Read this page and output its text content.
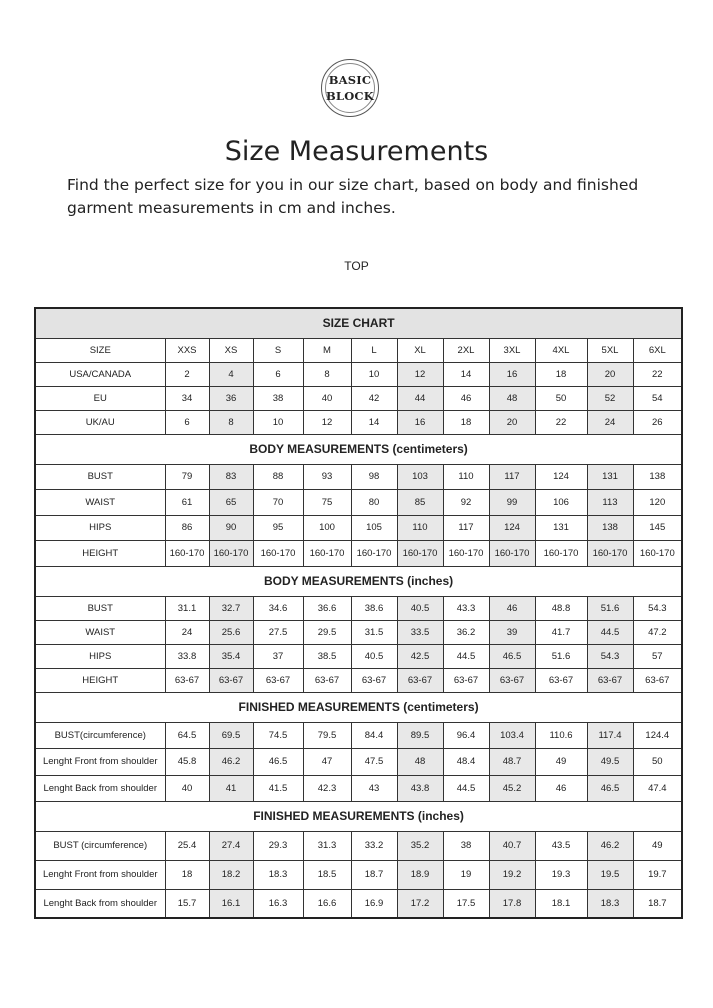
BASIC
BLOCK
Size Measurements
Find the perfect size for you in our size chart, based on body and finished garment measurements in cm and inches.
TOP
SIZE CHART											
SIZE	XXS	XS	S	M	L	XL	2XL	3XL	4XL	5XL	6XL
USA/CANADA	2	4	6	8	10	12	14	16	18	20	22
EU	34	36	38	40	42	44	46	48	50	52	54
UK/AU	6	8	10	12	14	16	18	20	22	24	26
BODY MEASUREMENTS (centimeters)											
BUST	79	83	88	93	98	103	110	117	124	131	138
WAIST	61	65	70	75	80	85	92	99	106	113	120
HIPS	86	90	95	100	105	110	117	124	131	138	145
HEIGHT	160-170	160-170	160-170	160-170	160-170	160-170	160-170	160-170	160-170	160-170	160-170
BODY MEASUREMENTS (inches)											
BUST	31.1	32.7	34.6	36.6	38.6	40.5	43.3	46	48.8	51.6	54.3
WAIST	24	25.6	27.5	29.5	31.5	33.5	36.2	39	41.7	44.5	47.2
HIPS	33.8	35.4	37	38.5	40.5	42.5	44.5	46.5	51.6	54.3	57
HEIGHT	63-67	63-67	63-67	63-67	63-67	63-67	63-67	63-67	63-67	63-67	63-67
FINISHED MEASUREMENTS (centimeters)											
BUST(circumference)	64.5	69.5	74.5	79.5	84.4	89.5	96.4	103.4	110.6	117.4	124.4
Lenght Front from shoulder	45.8	46.2	46.5	47	47.5	48	48.4	48.7	49	49.5	50
Lenght Back from shoulder	40	41	41.5	42.3	43	43.8	44.5	45.2	46	46.5	47.4
FINISHED MEASUREMENTS (inches)											
BUST (circumference)	25.4	27.4	29.3	31.3	33.2	35.2	38	40.7	43.5	46.2	49
Lenght Front from shoulder	18	18.2	18.3	18.5	18.7	18.9	19	19.2	19.3	19.5	19.7
Lenght Back from shoulder	15.7	16.1	16.3	16.6	16.9	17.2	17.5	17.8	18.1	18.3	18.7
